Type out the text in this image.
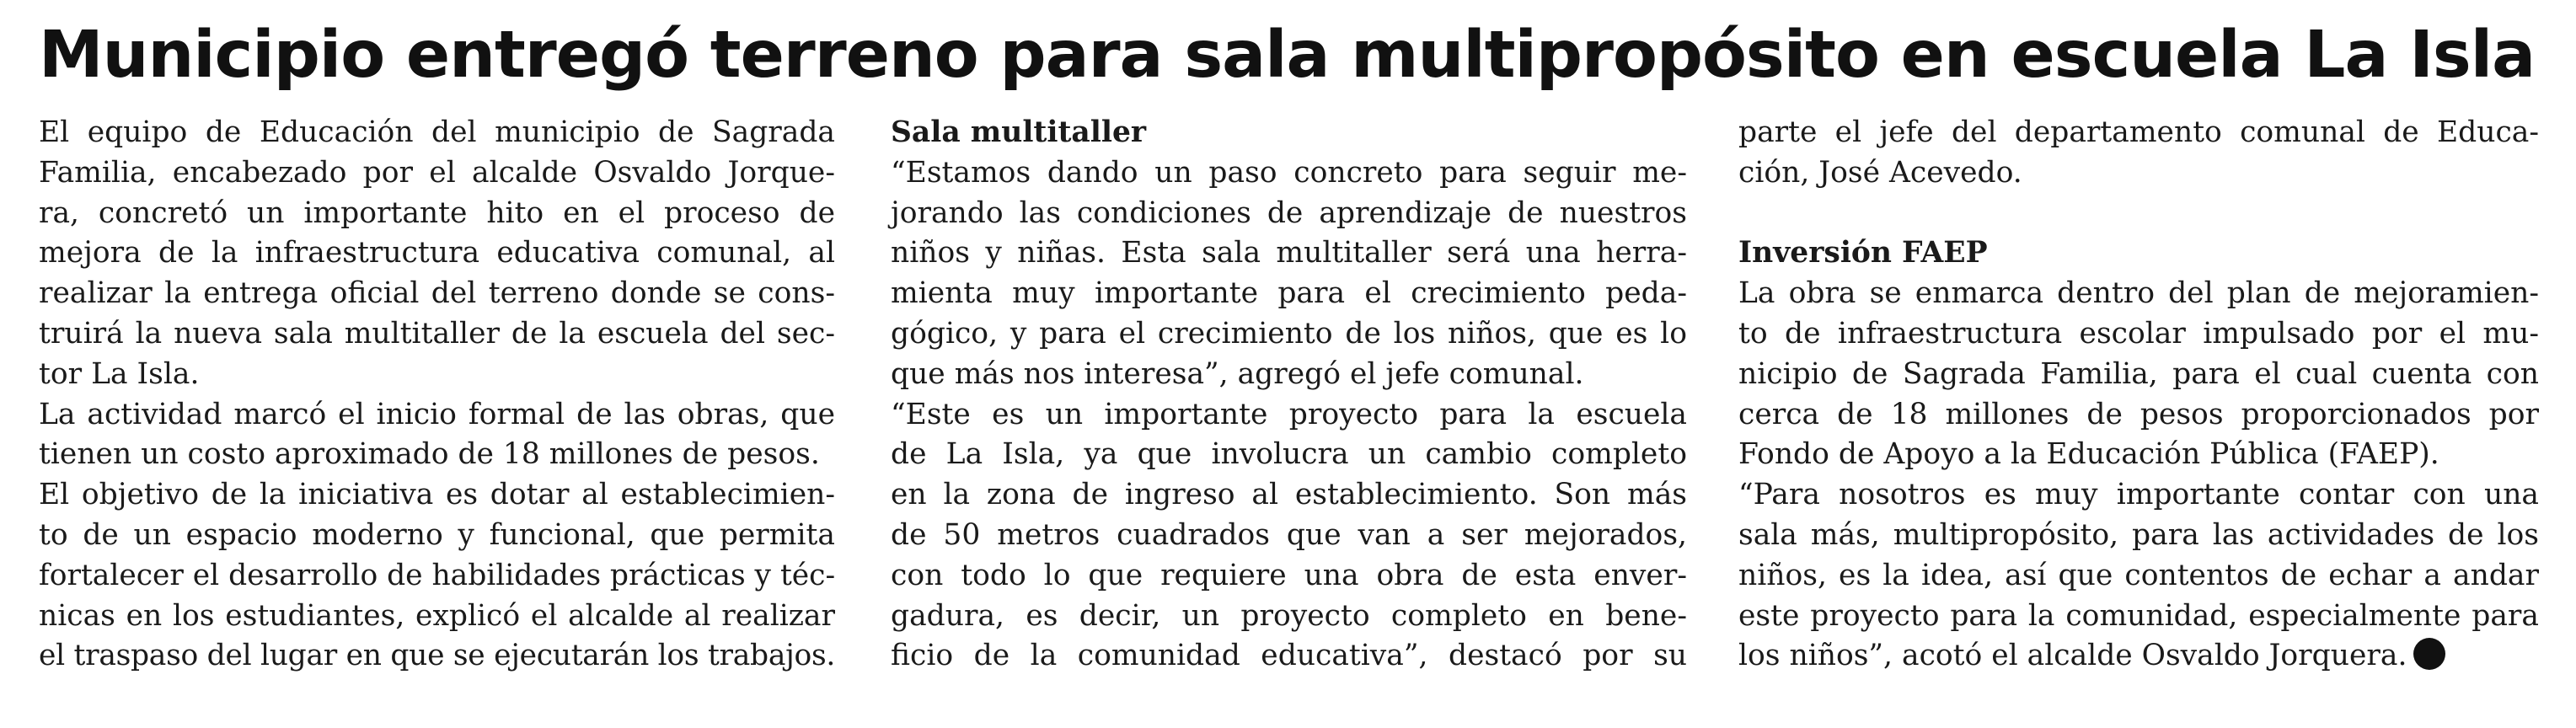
Municipio entregó terreno para sala multipropósito en escuela La Isla
El equipo de Educación del municipio de Sagrada
Familia, encabezado por el alcalde Osvaldo Jorque-
ra, concretó un importante hito en el proceso de
mejora de la infraestructura educativa comunal, al
realizar la entrega oficial del terreno donde se cons-
truirá la nueva sala multitaller de la escuela del sec-
tor La Isla.
La actividad marcó el inicio formal de las obras, que
tienen un costo aproximado de 18 millones de pesos.
El objetivo de la iniciativa es dotar al establecimien-
to de un espacio moderno y funcional, que permita
fortalecer el desarrollo de habilidades prácticas y téc-
nicas en los estudiantes, explicó el alcalde al realizar
el traspaso del lugar en que se ejecutarán los trabajos.
Sala multitaller
“Estamos dando un paso concreto para seguir me-
jorando las condiciones de aprendizaje de nuestros
niños y niñas. Esta sala multitaller será una herra-
mienta muy importante para el crecimiento peda-
gógico, y para el crecimiento de los niños, que es lo
que más nos interesa”, agregó el jefe comunal.
“Este es un importante proyecto para la escuela
de La Isla, ya que involucra un cambio completo
en la zona de ingreso al establecimiento. Son más
de 50 metros cuadrados que van a ser mejorados,
con todo lo que requiere una obra de esta enver-
gadura, es decir, un proyecto completo en bene-
ficio de la comunidad educativa”, destacó por su
parte el jefe del departamento comunal de Educa-
ción, José Acevedo.
Inversión FAEP
La obra se enmarca dentro del plan de mejoramien-
to de infraestructura escolar impulsado por el mu-
nicipio de Sagrada Familia, para el cual cuenta con
cerca de 18 millones de pesos proporcionados por
Fondo de Apoyo a la Educación Pública (FAEP).
“Para nosotros es muy importante contar con una
sala más, multipropósito, para las actividades de los
niños, es la idea, así que contentos de echar a andar
este proyecto para la comunidad, especialmente para
los niños”, acotó el alcalde Osvaldo Jorquera.
